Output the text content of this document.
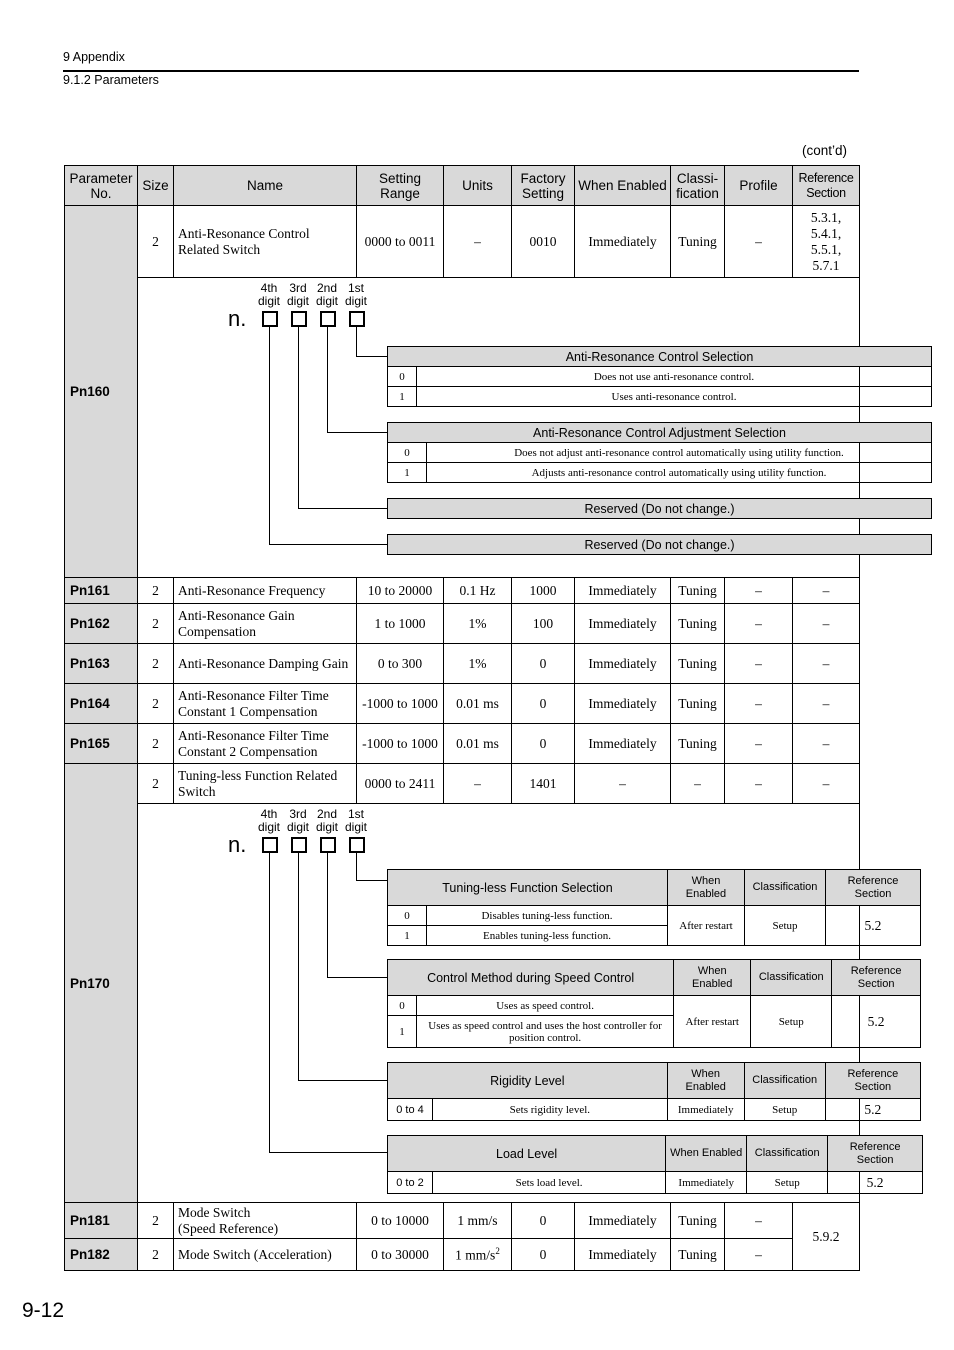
9 Appendix
9.1.2 Parameters
(cont’d)
Parameter No.	Size	Name	Setting Range	Units	Factory Setting	When Enabled	Classi- fication	Profile	Reference Section
Pn160	2	Anti-Resonance Control Related Switch	0000 to 0011	–	0010	Immediately	Tuning	–	5.3.1, 5.4.1, 5.5.1, 5.7.1

4th
digit
3rd
digit
2nd
digit
1st
digit
n.
Anti-Resonance Control Selection
0	Does not use anti-resonance control.
1	Uses anti-resonance control.
Anti-Resonance Control Adjustment Selection
0	Does not adjust anti-resonance control automatically using utility function.
1	Adjusts anti-resonance control automatically using utility function.
Reserved (Do not change.)
Reserved (Do not change.)

Pn161	2	Anti-Resonance Frequency	10 to 20000	0.1 Hz	1000	Immediately	Tuning	–	–
Pn162	2	Anti-Resonance Gain Compensation	1 to 1000	1%	100	Immediately	Tuning	–	–
Pn163	2	Anti-Resonance Damping Gain	0 to 300	1%	0	Immediately	Tuning	–	–
Pn164	2	Anti-Resonance Filter Time Constant 1 Compensation	-1000 to 1000	0.01 ms	0	Immediately	Tuning	–	–
Pn165	2	Anti-Resonance Filter Time Constant 2 Compensation	-1000 to 1000	0.01 ms	0	Immediately	Tuning	–	–
Pn170	2	Tuning-less Function Related Switch	0000 to 2411	–	1401	–	–	–	–

4th
digit
3rd
digit
2nd
digit
1st
digit
n.
Tuning-less Function Selection	When Enabled	Classification	Reference Section
0	Disables tuning-less function.	After restart	Setup	5.2
1	Enables tuning-less function.
Control Method during Speed Control	When Enabled	Classification	Reference Section
0	Uses as speed control.	After restart	Setup	5.2
1	Uses as speed control and uses the host controller for position control.
Rigidity Level	When Enabled	Classification	Reference Section
0 to 4	Sets rigidity level.	Immediately	Setup	5.2
Load Level	When Enabled	Classification	Reference Section
0 to 2	Sets load level.	Immediately	Setup	5.2

Pn181	2	Mode Switch
(Speed Reference)	0 to 10000	1 mm/s	0	Immediately	Tuning	–	5.9.2
Pn182	2	Mode Switch (Acceleration)	0 to 30000	1 $mm/s^2$	0	Immediately	Tuning	–
9-12
